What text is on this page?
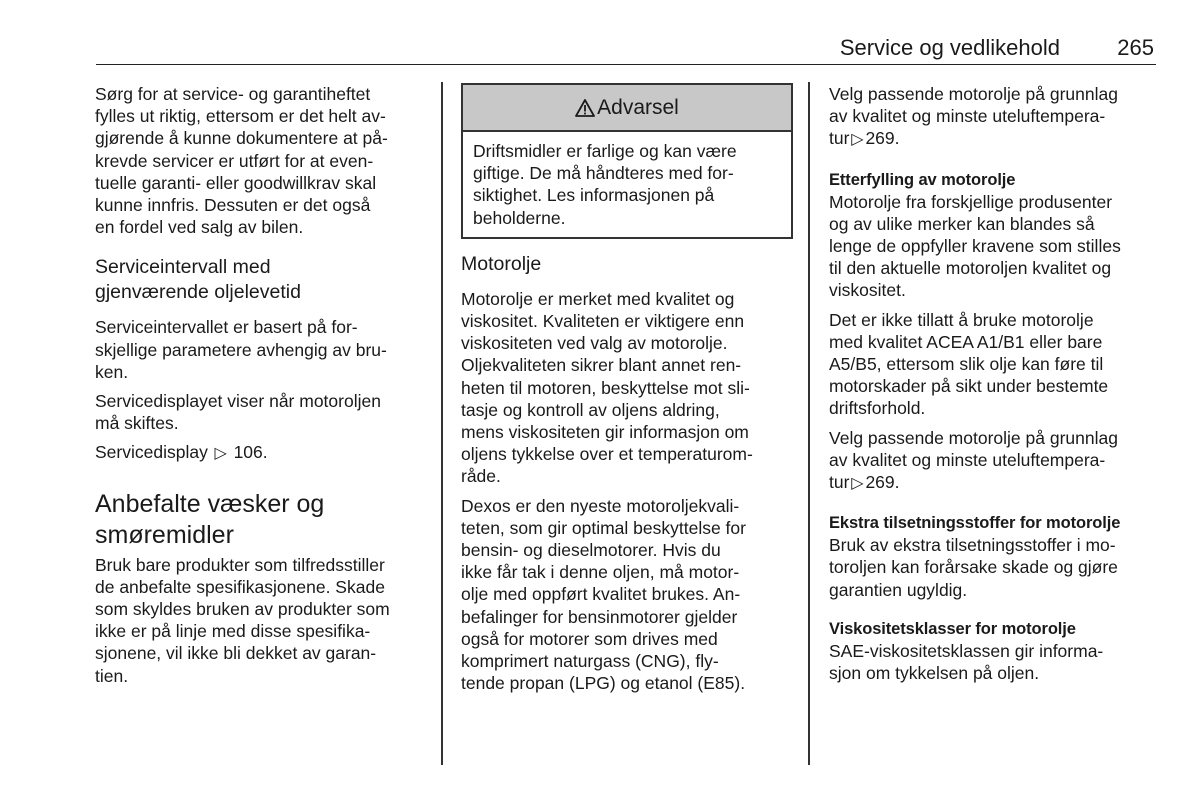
Service og vedlikehold	265

Sørg for at service- og garantiheftet
fylles ut riktig, ettersom er det helt av-
gjørende å kunne dokumentere at på-
krevde servicer er utført for at even-
tuelle garanti- eller goodwillkrav skal
kunne innfris. Dessuten er det også
en fordel ved salg av bilen.

Serviceintervall med
gjenværende oljelevetid

Serviceintervallet er basert på for-
skjellige parametere avhengig av bru-
ken.

Servicedisplayet viser når motoroljen
må skiftes.

Servicedisplay ▷ 106.

Anbefalte væsker og
smøremidler

Bruk bare produkter som tilfredsstiller
de anbefalte spesifikasjonene. Skade
som skyldes bruken av produkter som
ikke er på linje med disse spesifika-
sjonene, vil ikke bli dekket av garan-
tien.

Advarsel

Driftsmidler er farlige og kan være
giftige. De må håndteres med for-
siktighet. Les informasjonen på
beholderne.

Motorolje

Motorolje er merket med kvalitet og
viskositet. Kvaliteten er viktigere enn
viskositeten ved valg av motorolje.
Oljekvaliteten sikrer blant annet ren-
heten til motoren, beskyttelse mot sli-
tasje og kontroll av oljens aldring,
mens viskositeten gir informasjon om
oljens tykkelse over et temperaturom-
råde.

Dexos er den nyeste motoroljekvali-
teten, som gir optimal beskyttelse for
bensin- og dieselmotorer. Hvis du
ikke får tak i denne oljen, må motor-
olje med oppført kvalitet brukes. An-
befalinger for bensinmotorer gjelder
også for motorer som drives med
komprimert naturgass (CNG), fly-
tende propan (LPG) og etanol (E85).

Velg passende motorolje på grunnlag
av kvalitet og minste uteluftempera-
tur ▷ 269.

Etterfylling av motorolje

Motorolje fra forskjellige produsenter
og av ulike merker kan blandes så
lenge de oppfyller kravene som stilles
til den aktuelle motoroljen kvalitet og
viskositet.

Det er ikke tillatt å bruke motorolje
med kvalitet ACEA A1/B1 eller bare
A5/B5, ettersom slik olje kan føre til
motorskader på sikt under bestemte
driftsforhold.

Velg passende motorolje på grunnlag
av kvalitet og minste uteluftempera-
tur ▷ 269.

Ekstra tilsetningsstoffer for motorolje

Bruk av ekstra tilsetningsstoffer i mo-
toroljen kan forårsake skade og gjøre
garantien ugyldig.

Viskositetsklasser for motorolje

SAE-viskositetsklassen gir informa-
sjon om tykkelsen på oljen.
